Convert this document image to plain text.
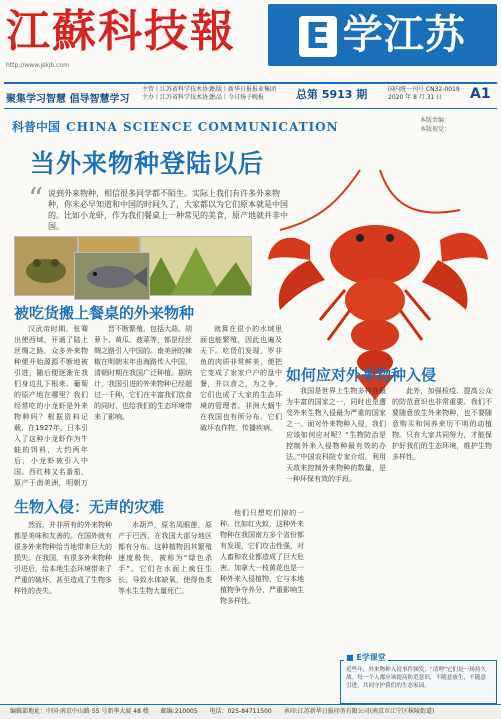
江蘇科技報	E 学江苏
http://www.jskjb.com
聚集学习智慧 倡导智慧学习
主管丨江苏省科学技术协会
主办丨江苏省科学技术协会
出版丨新华日报报业集团
出品丨今日扬子晚报	总第 5913 期	国内统一刊号 CN32-0019
2020 年 8 月 31 日	A1
科普中国 CHINA SCIENCE COMMUNICATION	本版责编：
本版视觉：
当外来物种登陆以后
“ 说到外来物种，相信很多同学都不陌生。实际上我们有许多外来物种，你未必早知道和中国的时间久了，大家都以为它们原本就是中国的。比如小龙虾，作为我们餐桌上一种常见的美食，原产地就并非中国。
被吃货搬上餐桌的外来物种
汉武帝时期，张骞出使西域，开通了陆上丝绸之路，众多外来物种便开始源源不断地被引进，随后便逐渐在我们身边扎下根来。葡萄的原产地在哪里？我们经常吃的小龙虾是外来物种吗？根据资料记载，在1927年，日本引入了这种小龙虾作为牛蛙的饵料，大约两年后，小龙虾被引入中国。西红柿又名番茄，原产于南美洲，明朝万
晋不断繁殖，包括大蒜、胡萝卜、黄瓜、菠菜等，都是经丝绸之路引入中国的。南美洲的辣椒在明朝末年由海路传入中国，清朝时期在我国广泛种植。据统计，我国引进的外来物种已经超过一千种，它们在丰富我们饮食的同时，也给我们的生态环境带来了影响。
就算在很小的水域里面也能繁殖，因此也遍及天下。吃货们发现，罗非鱼的肉质非常鲜美，便把它变成了家家户户的盘中餐，并以食之，为之争，它们也成了大家的生态环境的管理者。非洲大蜗牛在我国也有所分布，它们破坏农作物，传播疾病。
生物入侵：无声的灾难
然而，并非所有的外来物种都是美味和友善的。在国外就有很多外来物种给当地带来巨大的损失。在我国，有很多外来物种引进后，给本地生态环境带来了严重的破坏，甚至造成了生物多样性的丧失。
水葫芦，原名凤眼莲，原产于巴西，在我国大部分地区都有分布。这种植物因其繁殖速度极快，被称为“绿色杀手”。它们在水面上疯狂生长，导致水体缺氧，使得鱼类等水生生物大量死亡。
他们只想吃们掉的一种。比如红火蚁，这种外来物种在我国南方多个省份都有发现，它们攻击性强，对人畜和农业都造成了巨大危害。加拿大一枝黄花也是一种外来入侵植物，它与本地植物争夺养分，严重影响生物多样性。
如何应对外来物种入侵
我国是世界上生物多样性最为丰富的国家之一，同时也是遭受外来生物入侵最为严重的国家之一。面对外来物种入侵，我们应该如何应对呢？“生物防治是控制外来入侵物种最有效的办法。”中国农科院专家介绍，利用天敌来控制外来物种的数量，是一种环保有效的手段。
此外，加强检疫、提高公众的防范意识也非常重要。我们不要随意放生外来物种，也不要随意购买和饲养来历不明的动植物。只有大家共同努力，才能保护好我们的生态环境，维护生物多样性。
■ E学课堂
近些年，外来物种入侵事件频发，“清理”它们是一场持久战。每一个人都应该提高防范意识，不随意放生，不随意引进，共同守护我们的生态家园。
编辑部地址：中国·南京中山路 55 号新华大厦 48 楼 邮编:210005 电话：025-84711500 承印:江苏新华日报印务有限公司(南京市江宁区秣陵街道)
